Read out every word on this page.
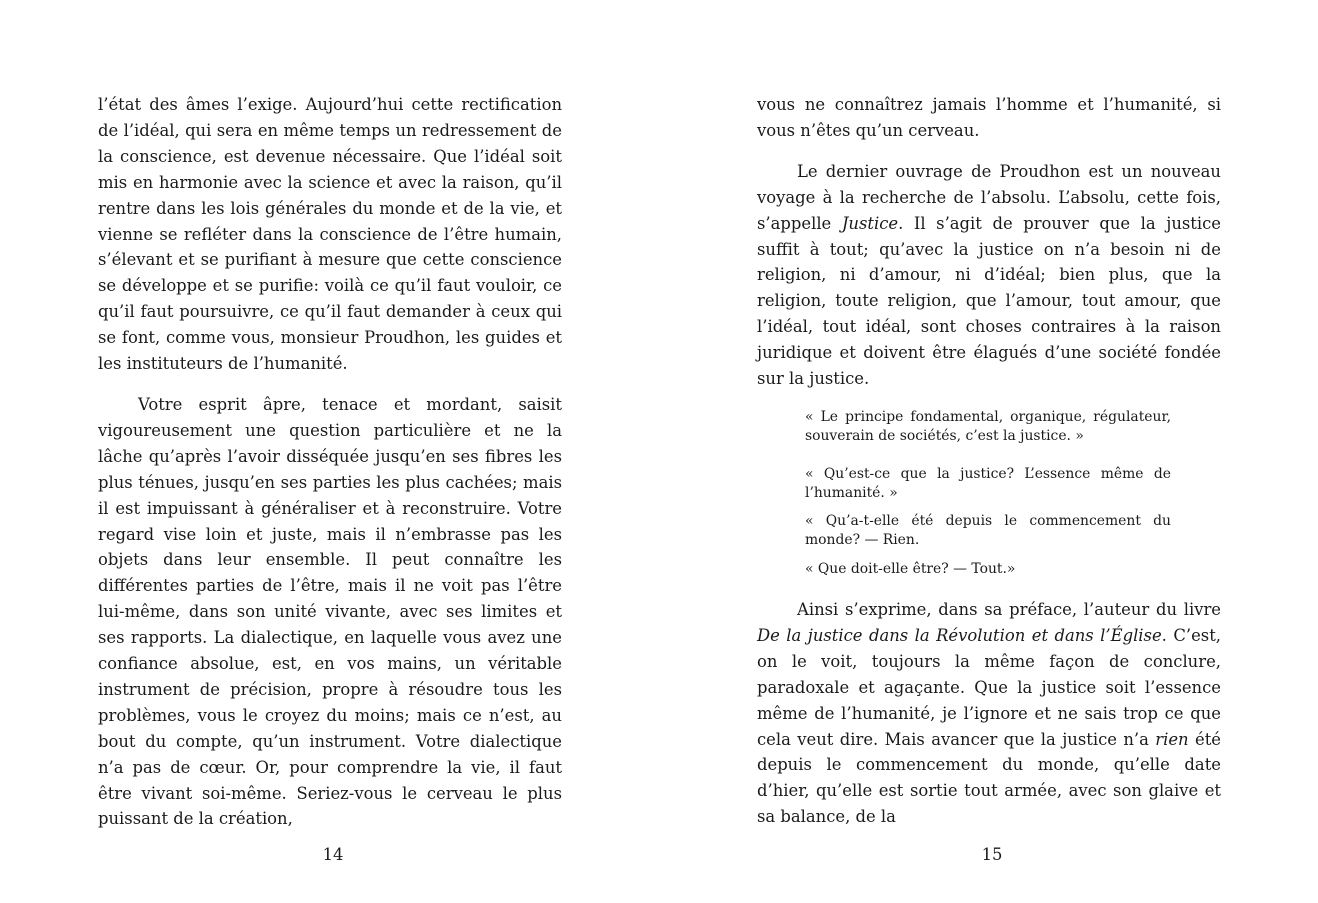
l’état des âmes l’exige. Aujourd’hui cette rectification de l’idéal, qui sera en même temps un redressement de la conscience, est devenue nécessaire. Que l’idéal soit mis en harmonie avec la science et avec la raison, qu’il rentre dans les lois générales du monde et de la vie, et vienne se refléter dans la conscience de l’être humain, s’élevant et se purifiant à mesure que cette conscience se développe et se purifie: voilà ce qu’il faut vouloir, ce qu’il faut poursuivre, ce qu’il faut demander à ceux qui se font, comme vous, monsieur Proudhon, les guides et les instituteurs de l’humanité.

Votre esprit âpre, tenace et mordant, saisit vigoureusement une question particulière et ne la lâche qu’après l’avoir disséquée jusqu’en ses fibres les plus ténues, jusqu’en ses parties les plus cachées; mais il est impuissant à généraliser et à reconstruire. Votre regard vise loin et juste, mais il n’embrasse pas les objets dans leur ensemble. Il peut connaître les différentes parties de l’être, mais il ne voit pas l’être lui-même, dans son unité vivante, avec ses limites et ses rapports. La dialectique, en laquelle vous avez une confiance absolue, est, en vos mains, un véritable instrument de précision, propre à résoudre tous les problèmes, vous le croyez du moins; mais ce n’est, au bout du compte, qu’un instrument. Votre dialectique n’a pas de cœur. Or, pour comprendre la vie, il faut être vivant soi-même. Seriez-vous le cerveau le plus puissant de la création,

14

vous ne connaîtrez jamais l’homme et l’humanité, si vous n’êtes qu’un cerveau.

Le dernier ouvrage de Proudhon est un nouveau voyage à la recherche de l’absolu. L’absolu, cette fois, s’appelle Justice. Il s’agit de prouver que la justice suffit à tout; qu’avec la justice on n’a besoin ni de religion, ni d’amour, ni d’idéal; bien plus, que la religion, toute religion, que l’amour, tout amour, que l’idéal, tout idéal, sont choses contraires à la raison juridique et doivent être élagués d’une société fondée sur la justice.

« Le principe fondamental, organique, régulateur, souverain de sociétés, c’est la justice. »

« Qu’est-ce que la justice? L’essence même de l’humanité. »

« Qu’a-t-elle été depuis le commencement du monde? — Rien.

« Que doit-elle être? — Tout.»

Ainsi s’exprime, dans sa préface, l’auteur du livre De la justice dans la Révolution et dans l’Église. C’est, on le voit, toujours la même façon de conclure, paradoxale et agaçante. Que la justice soit l’essence même de l’humanité, je l’ignore et ne sais trop ce que cela veut dire. Mais avancer que la justice n’a rien été depuis le commencement du monde, qu’elle date d’hier, qu’elle est sortie tout armée, avec son glaive et sa balance, de la

15
